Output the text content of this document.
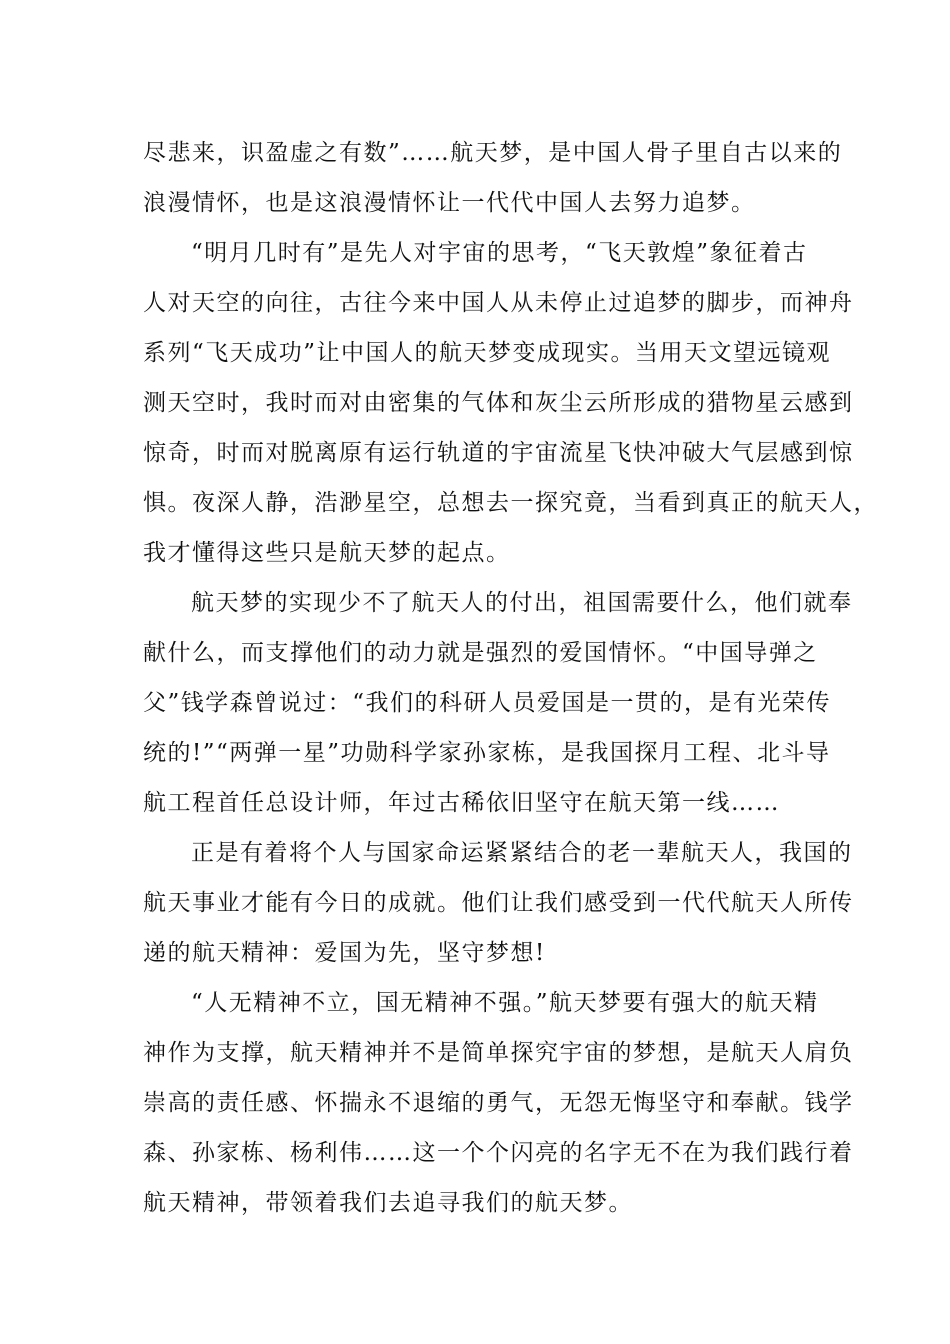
尽悲来，识盈虚之有数”……航天梦，是中国人骨子里自古以来的
浪漫情怀，也是这浪漫情怀让一代代中国人去努力追梦。
“明月几时有”是先人对宇宙的思考，“飞天敦煌”象征着古
人对天空的向往，古往今来中国人从未停止过追梦的脚步，而神舟
系列“飞天成功”让中国人的航天梦变成现实。当用天文望远镜观
测天空时，我时而对由密集的气体和灰尘云所形成的猎物星云感到
惊奇，时而对脱离原有运行轨道的宇宙流星飞快冲破大气层感到惊
惧。夜深人静，浩渺星空，总想去一探究竟，当看到真正的航天人，
我才懂得这些只是航天梦的起点。
航天梦的实现少不了航天人的付出，祖国需要什么，他们就奉
献什么，而支撑他们的动力就是强烈的爱国情怀。“中国导弹之
父”钱学森曾说过：“我们的科研人员爱国是一贯的，是有光荣传
统的!”“两弹一星”功勋科学家孙家栋，是我国探月工程、北斗导
航工程首任总设计师，年过古稀依旧坚守在航天第一线……
正是有着将个人与国家命运紧紧结合的老一辈航天人，我国的
航天事业才能有今日的成就。他们让我们感受到一代代航天人所传
递的航天精神：爱国为先，坚守梦想!
“人无精神不立，国无精神不强。”航天梦要有强大的航天精
神作为支撑，航天精神并不是简单探究宇宙的梦想，是航天人肩负
崇高的责任感、怀揣永不退缩的勇气，无怨无悔坚守和奉献。钱学
森、孙家栋、杨利伟……这一个个闪亮的名字无不在为我们践行着
航天精神，带领着我们去追寻我们的航天梦。
